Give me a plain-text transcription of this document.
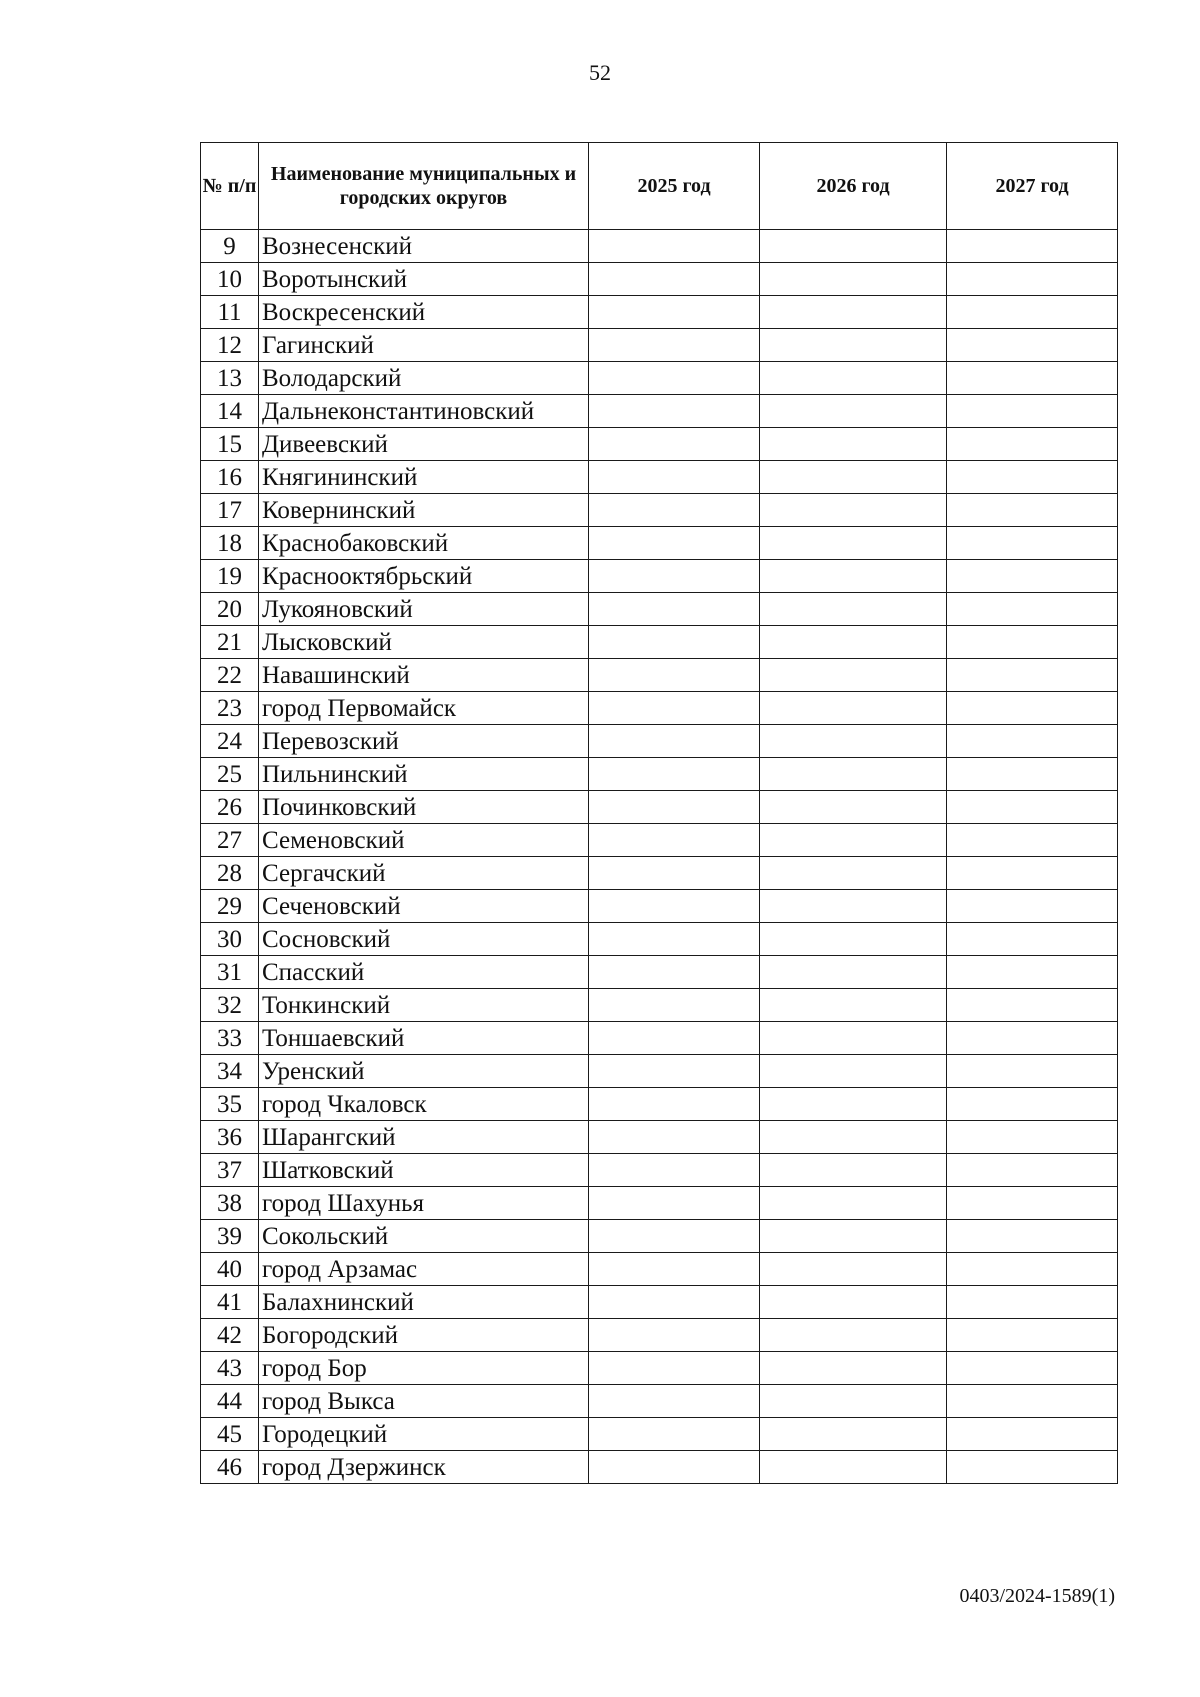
52
№ п/п	Наименование муниципальных и городских округов	2025 год	2026 год	2027 год
9	Вознесенский			
10	Воротынский			
11	Воскресенский			
12	Гагинский			
13	Володарский			
14	Дальнеконстантиновский			
15	Дивеевский			
16	Княгининский			
17	Ковернинский			
18	Краснобаковский			
19	Краснооктябрьский			
20	Лукояновский			
21	Лысковский			
22	Навашинский			
23	город Первомайск			
24	Перевозский			
25	Пильнинский			
26	Починковский			
27	Семеновский			
28	Сергачский			
29	Сеченовский			
30	Сосновский			
31	Спасский			
32	Тонкинский			
33	Тоншаевский			
34	Уренский			
35	город Чкаловск			
36	Шарангский			
37	Шатковский			
38	город Шахунья			
39	Сокольский			
40	город Арзамас			
41	Балахнинский			
42	Богородский			
43	город Бор			
44	город Выкса			
45	Городецкий			
46	город Дзержинск			
0403/2024-1589(1)
